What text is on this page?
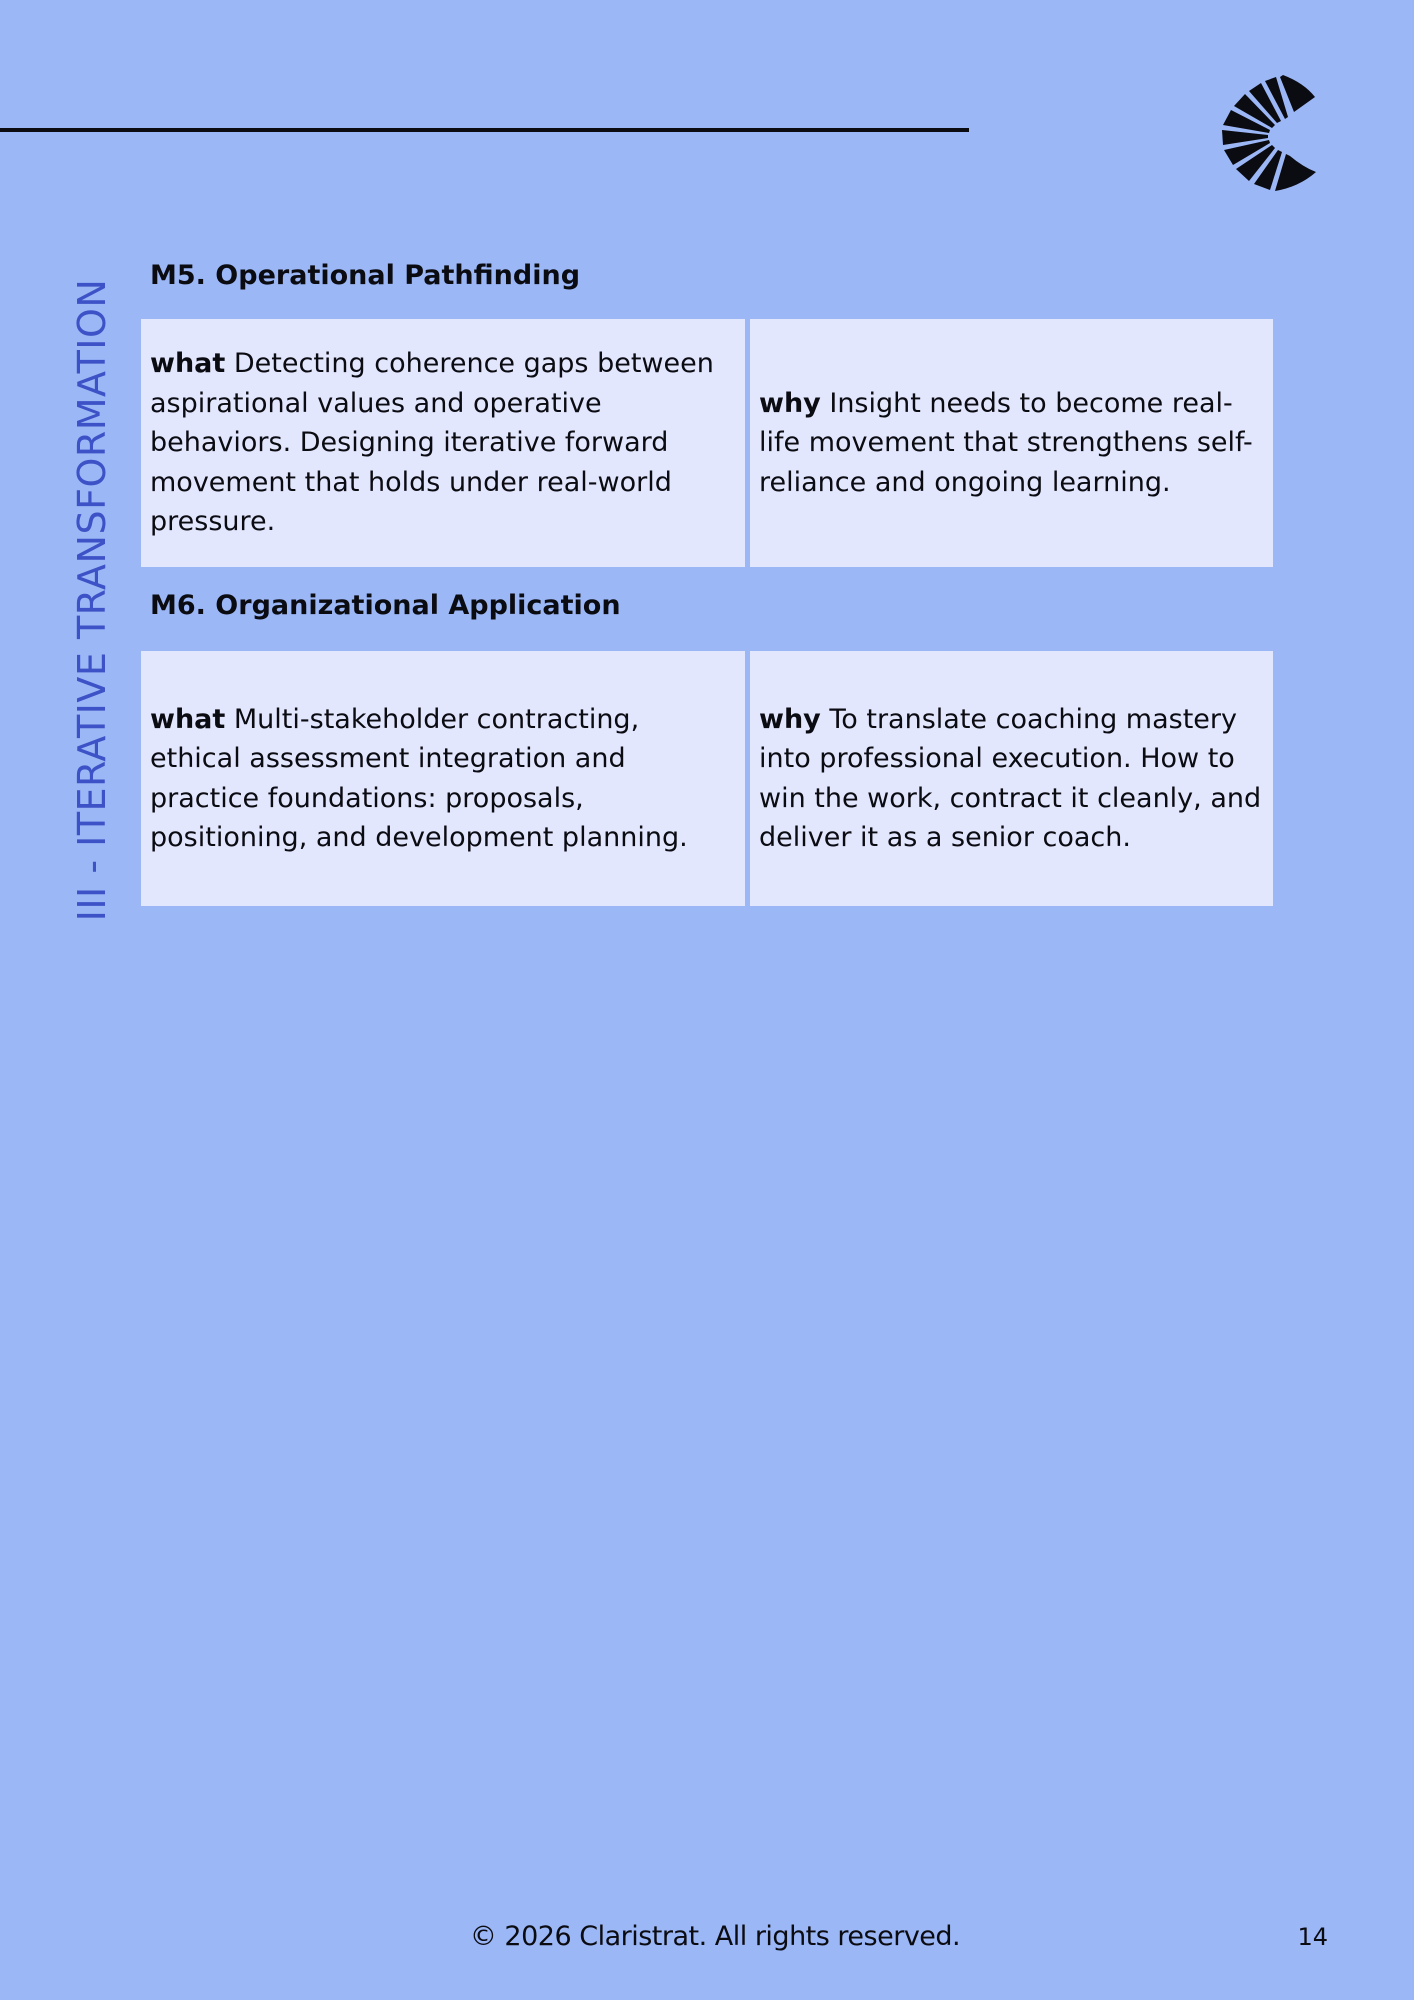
III - ITERATIVE TRANSFORMATION
M5. Operational Pathfinding

what Detecting coherence gaps between aspirational values and operative behaviors. Designing iterative forward movement that holds under real-world pressure.

why Insight needs to become real-life movement that strengthens self-reliance and ongoing learning.

M6. Organizational Application

what Multi-stakeholder contracting, ethical assessment integration and practice foundations: proposals, positioning, and development planning.

why To translate coaching mastery into professional execution. How to win the work, contract it cleanly, and deliver it as a senior coach.

© 2026 Claristrat. All rights reserved.	14
